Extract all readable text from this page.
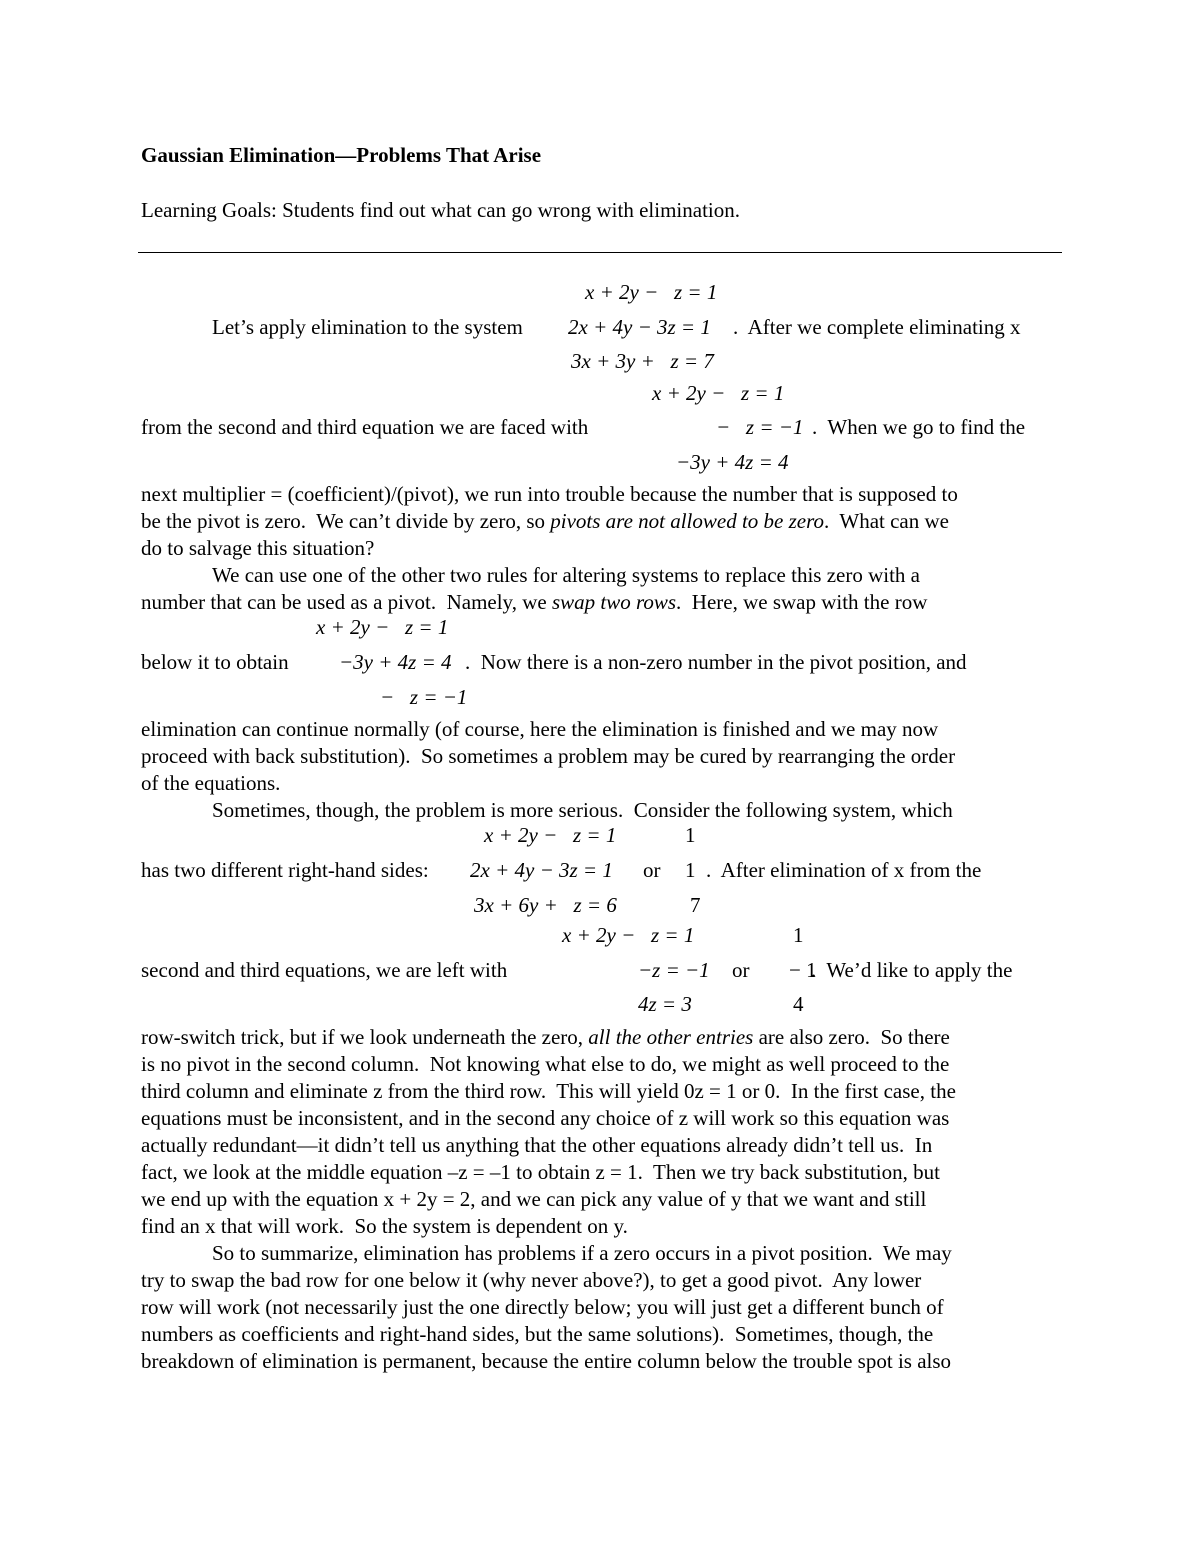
Gaussian Elimination—Problems That Arise
Learning Goals: Students find out what can go wrong with elimination.
x + 2y −   z = 1
Let’s apply elimination to the system 2x + 4y − 3z = 1 .  After we complete eliminating x
3x + 3y +   z = 7
x + 2y −   z = 1
from the second and third equation we are faced with	−   z = −1 .  When we go to find the
−3y + 4z = 4
next multiplier = (coefficient)/(pivot), we run into trouble because the number that is supposed to
be the pivot is zero.  We can’t divide by zero, so pivots are not allowed to be zero.  What can we
do to salvage this situation?
We can use one of the other two rules for altering systems to replace this zero with a
number that can be used as a pivot.  Namely, we swap two rows.  Here, we swap with the row
x + 2y −   z = 1
below it to obtain −3y + 4z = 4 .  Now there is a non-zero number in the pivot position, and
−   z = −1
elimination can continue normally (of course, here the elimination is finished and we may now
proceed with back substitution).  So sometimes a problem may be cured by rearranging the order
of the equations.
Sometimes, though, the problem is more serious.  Consider the following system, which
x + 2y −   z = 1	1
has two different right-hand sides: 2x + 4y − 3z = 1 or 1 .  After elimination of x from the
3x + 6y +   z = 6	7
x + 2y −   z = 1	1
second and third equations, we are left with	−z = −1 or − 1
.  We’d like to apply the
4z = 3	4
row-switch trick, but if we look underneath the zero, all the other entries are also zero.  So there
is no pivot in the second column.  Not knowing what else to do, we might as well proceed to the
third column and eliminate z from the third row.  This will yield 0z = 1 or 0.  In the first case, the
equations must be inconsistent, and in the second any choice of z will work so this equation was
actually redundant—it didn’t tell us anything that the other equations already didn’t tell us.  In
fact, we look at the middle equation –z = –1 to obtain z = 1.  Then we try back substitution, but
we end up with the equation x + 2y = 2, and we can pick any value of y that we want and still
find an x that will work.  So the system is dependent on y.
So to summarize, elimination has problems if a zero occurs in a pivot position.  We may
try to swap the bad row for one below it (why never above?), to get a good pivot.  Any lower
row will work (not necessarily just the one directly below; you will just get a different bunch of
numbers as coefficients and right-hand sides, but the same solutions).  Sometimes, though, the
breakdown of elimination is permanent, because the entire column below the trouble spot is also
